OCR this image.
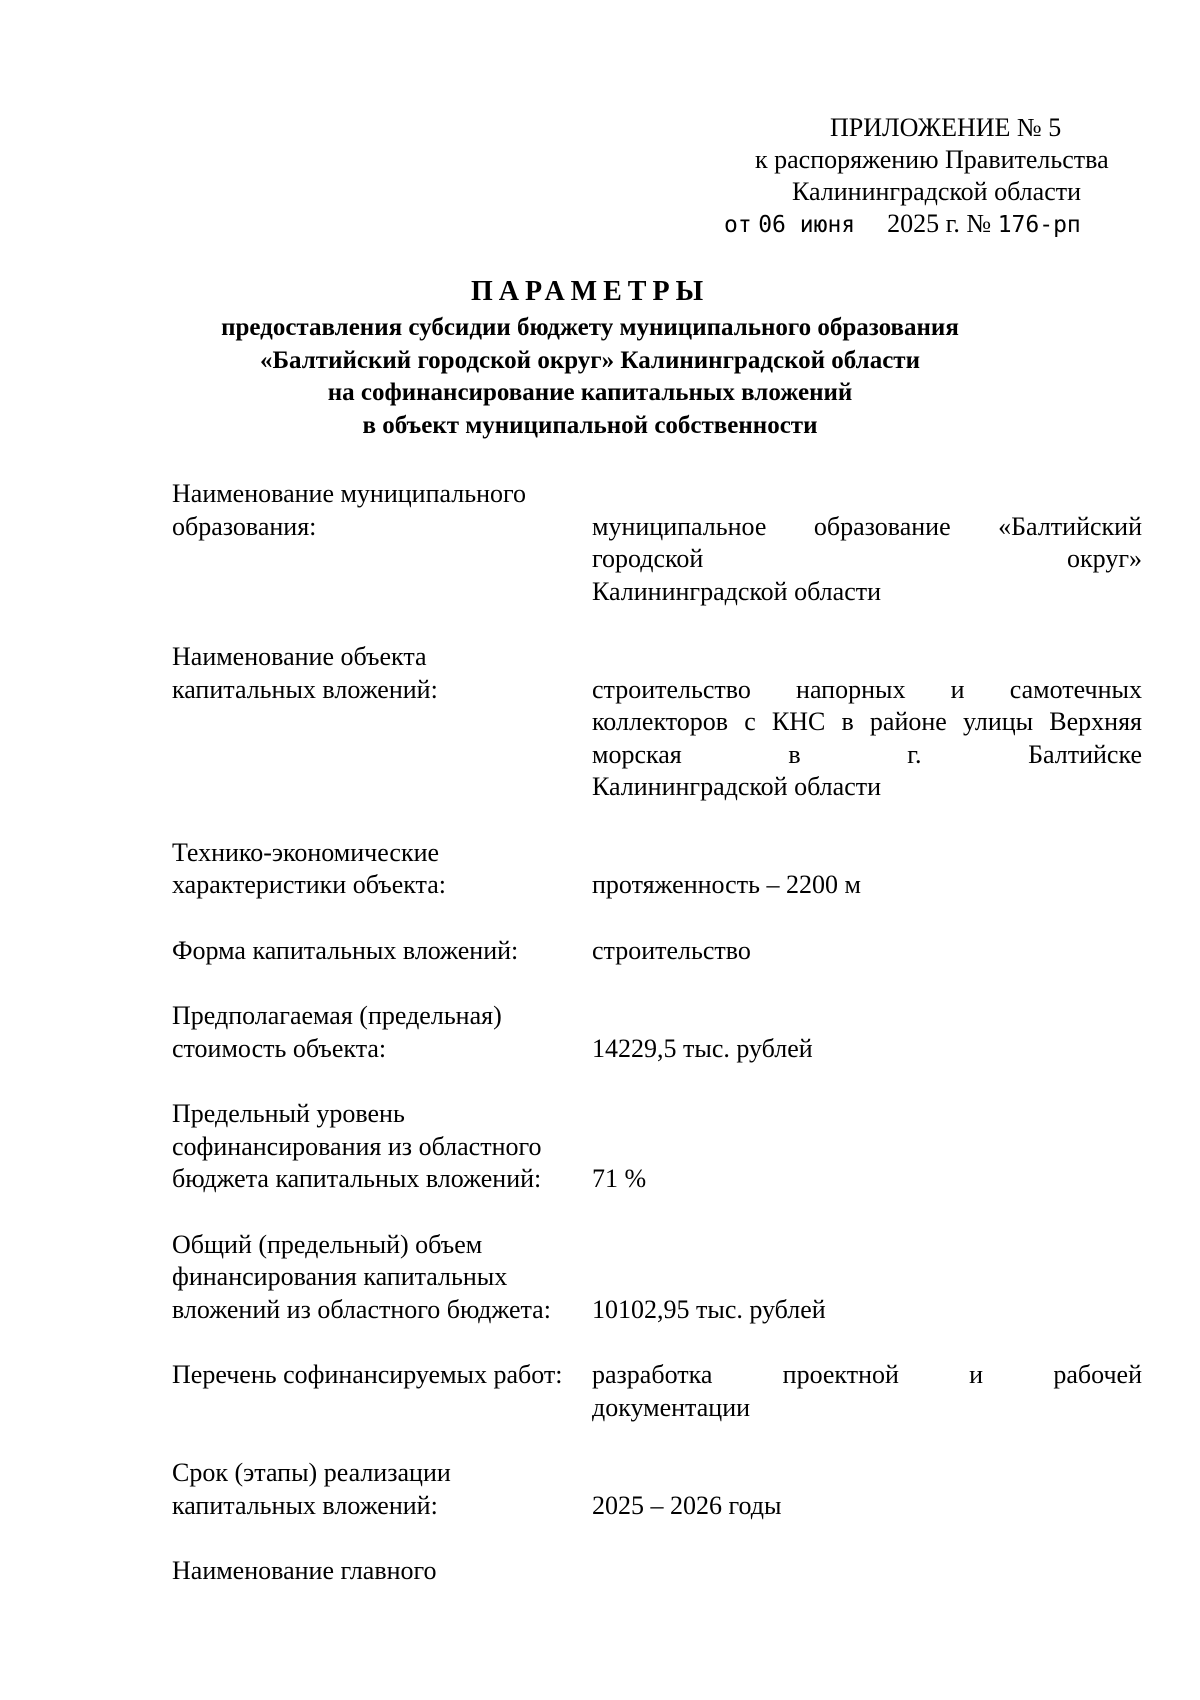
ПРИЛОЖЕНИЕ № 5
к распоряжению Правительства
Калининградской области
от 06 июня 2025 г. № 176-рп
ПАРАМЕТРЫ
предоставления субсидии бюджету муниципального образования
«Балтийский городской округ» Калининградской области
на софинансирование капитальных вложений
в объект муниципальной собственности
Наименование муниципального
образования:	муниципальное образование «Балтийский городской округ»
Калининградской области
Наименование объекта
капитальных вложений:	строительство напорных и самотечных коллекторов с КНС в районе улицы Верхняя морская в г. Балтийске
Калининградской области
Технико-экономические
характеристики объекта:	протяженность – 2200 м
Форма капитальных вложений:	строительство
Предполагаемая (предельная)
стоимость объекта:	14229,5 тыс. рублей
Предельный уровень
софинансирования из областного
бюджета капитальных вложений:	71 %
Общий (предельный) объем
финансирования капитальных
вложений из областного бюджета:	10102,95 тыс. рублей
Перечень софинансируемых работ:	разработка проектной и рабочей
документации
Срок (этапы) реализации
капитальных вложений:	2025 – 2026 годы
Наименование главного
